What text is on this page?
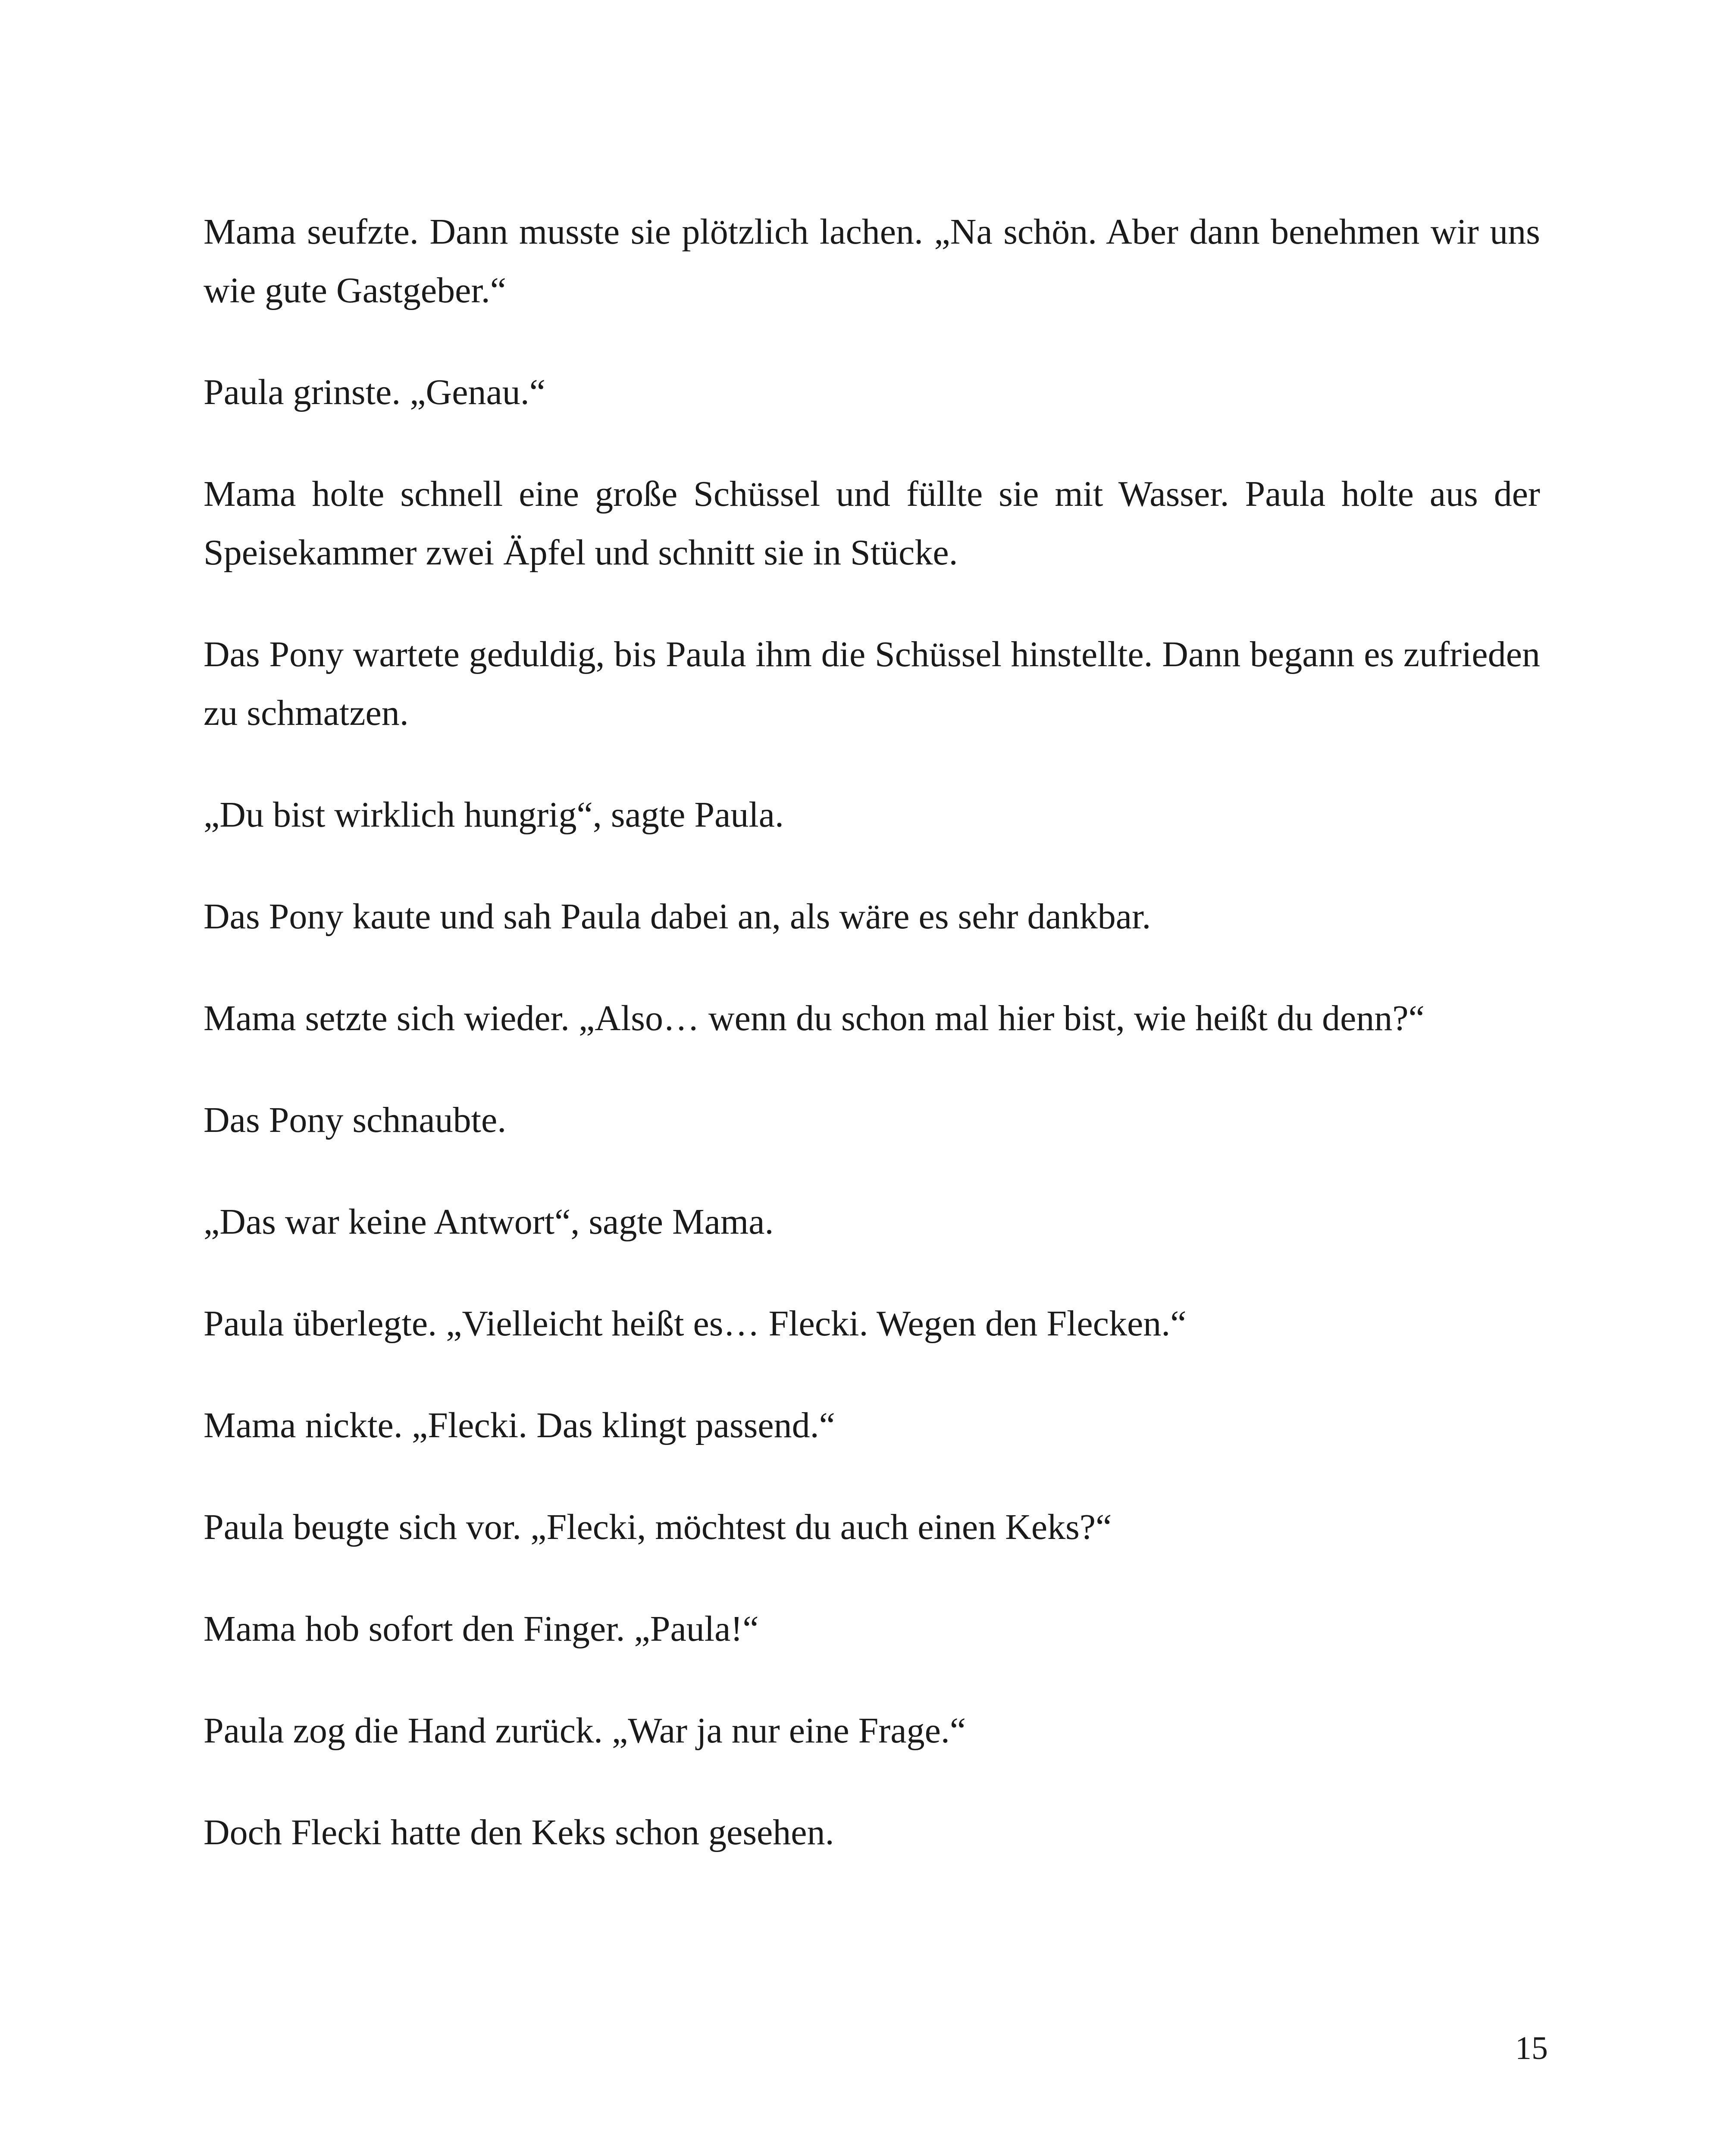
Mama seufzte. Dann musste sie plötzlich lachen. „Na schön. Aber dann benehmen wir uns wie gute Gastgeber.“

Paula grinste. „Genau.“

Mama holte schnell eine große Schüssel und füllte sie mit Wasser. Paula holte aus der Speisekammer zwei Äpfel und schnitt sie in Stücke.

Das Pony wartete geduldig, bis Paula ihm die Schüssel hinstellte. Dann begann es zufrieden zu schmatzen.

„Du bist wirklich hungrig“, sagte Paula.

Das Pony kaute und sah Paula dabei an, als wäre es sehr dankbar.

Mama setzte sich wieder. „Also… wenn du schon mal hier bist, wie heißt du denn?“

Das Pony schnaubte.

„Das war keine Antwort“, sagte Mama.

Paula überlegte. „Vielleicht heißt es… Flecki. Wegen den Flecken.“

Mama nickte. „Flecki. Das klingt passend.“

Paula beugte sich vor. „Flecki, möchtest du auch einen Keks?“

Mama hob sofort den Finger. „Paula!“

Paula zog die Hand zurück. „War ja nur eine Frage.“

Doch Flecki hatte den Keks schon gesehen.

15
